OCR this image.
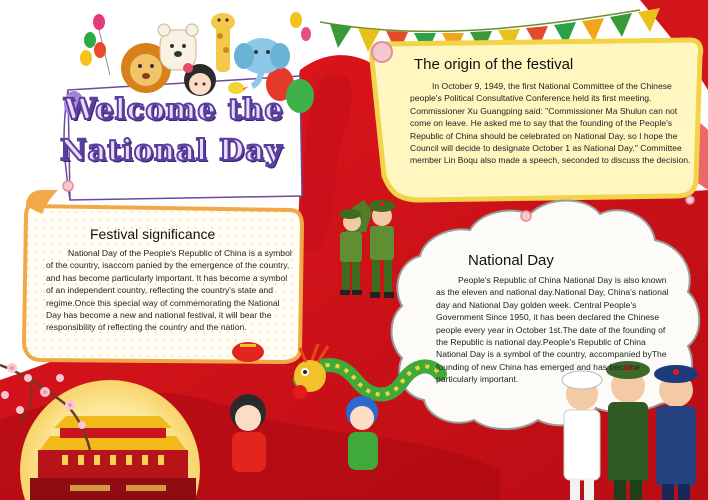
Welcome the
National Day
The origin of the festival

In October 9, 1949, the first National Committee of the Chinese people's Political Consultative Conference held its first meeting. Commissioner Xu Guangping said: "Commissioner Ma Shulun can not come on leave. He asked me to say that the founding of the People's Republic of China should be celebrated on National Day, so I hope the Council will decide to designate October 1 as National Day." Committee member Lin Boqu also made a speech, seconded to discuss the decision.

Festival significance

National Day of the People's Republic of China is a symbol of the country, isaccom panied by the emergence of the country, and has become particularly important. It has become a symbol of an independent country, reflecting the country's state and regime.Once this special way of commemorating the National Day has become a new and national festival, it will bear the responsibility of reflecting the country and the nation.

National Day

People's Republic of China National Day is also known as the eleven and national day.National Day, China's national day and National Day golden week. Central People's Government Since 1950, it has been declared the Chinese people every year in October 1st.The date of the founding of the Republic is national day.People's Republic of China National Day is a symbol of the country, accompanied byThe founding of new China has emerged and has become particularly important.
